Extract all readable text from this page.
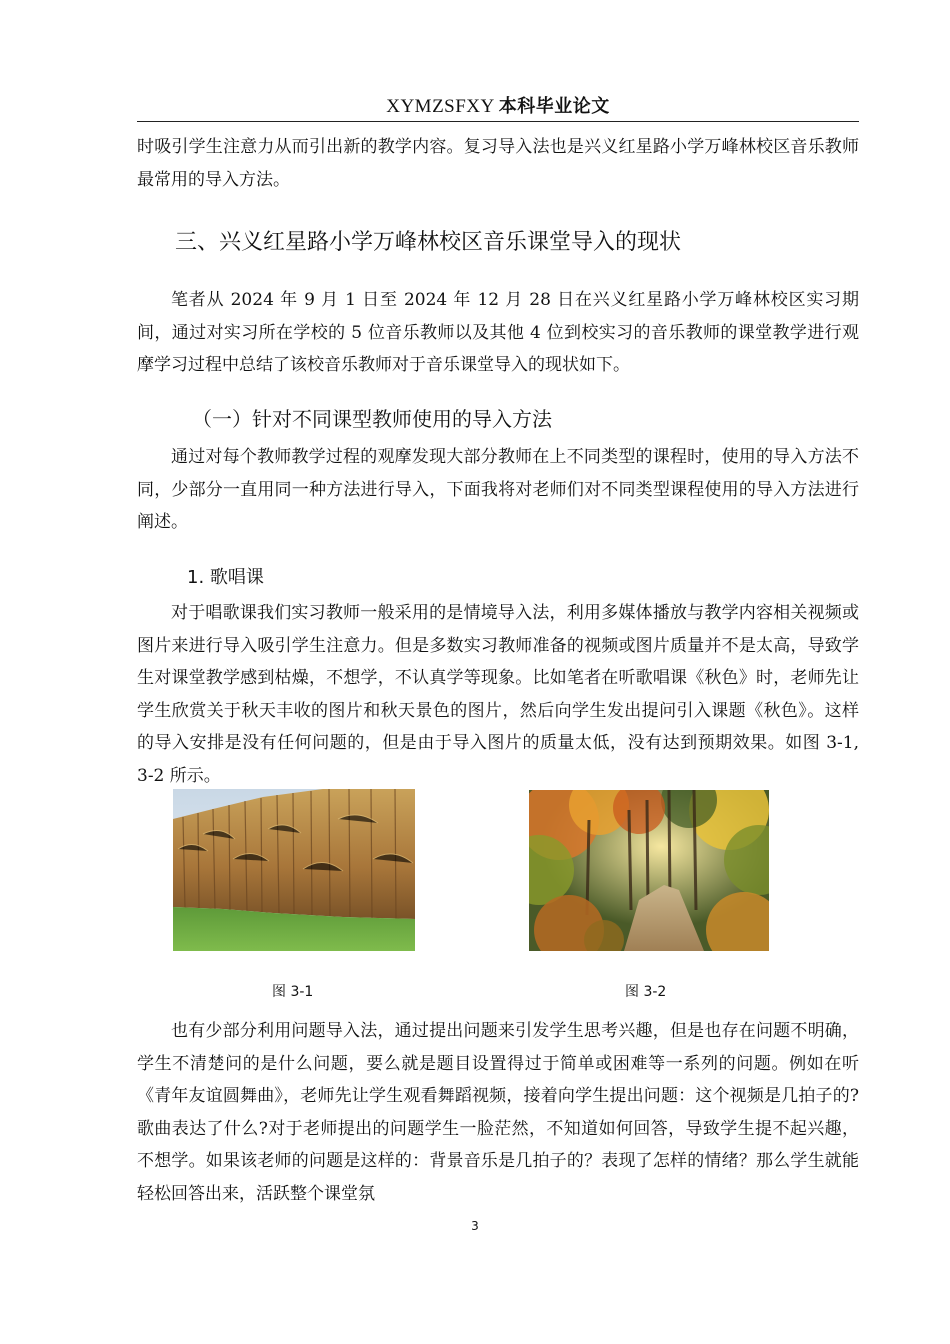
XYMZSFXY 本科毕业论文

时吸引学生注意力从而引出新的教学内容。复习导入法也是兴义红星路小学万峰林校区音乐教师最常用的导入方法。

三、兴义红星路小学万峰林校区音乐课堂导入的现状

笔者从 2024 年 9 月 1 日至 2024 年 12 月 28 日在兴义红星路小学万峰林校区实习期间，通过对实习所在学校的 5 位音乐教师以及其他 4 位到校实习的音乐教师的课堂教学进行观摩学习过程中总结了该校音乐教师对于音乐课堂导入的现状如下。

（一）针对不同课型教师使用的导入方法

通过对每个教师教学过程的观摩发现大部分教师在上不同类型的课程时，使用的导入方法不同，少部分一直用同一种方法进行导入，下面我将对老师们对不同类型课程使用的导入方法进行阐述。

1. 歌唱课

对于唱歌课我们实习教师一般采用的是情境导入法，利用多媒体播放与教学内容相关视频或图片来进行导入吸引学生注意力。但是多数实习教师准备的视频或图片质量并不是太高，导致学生对课堂教学感到枯燥，不想学，不认真学等现象。比如笔者在听歌唱课《秋色》时，老师先让学生欣赏关于秋天丰收的图片和秋天景色的图片，然后向学生发出提问引入课题《秋色》。这样的导入安排是没有任何问题的，但是由于导入图片的质量太低，没有达到预期效果。如图 3-1, 3-2 所示。

图 3-1	图 3-2

也有少部分利用问题导入法，通过提出问题来引发学生思考兴趣，但是也存在问题不明确，学生不清楚问的是什么问题，要么就是题目设置得过于简单或困难等一系列的问题。例如在听《青年友谊圆舞曲》，老师先让学生观看舞蹈视频，接着向学生提出问题：这个视频是几拍子的?歌曲表达了什么?对于老师提出的问题学生一脸茫然，不知道如何回答，导致学生提不起兴趣，不想学。如果该老师的问题是这样的：背景音乐是几拍子的？表现了怎样的情绪？那么学生就能轻松回答出来，活跃整个课堂氛

3
